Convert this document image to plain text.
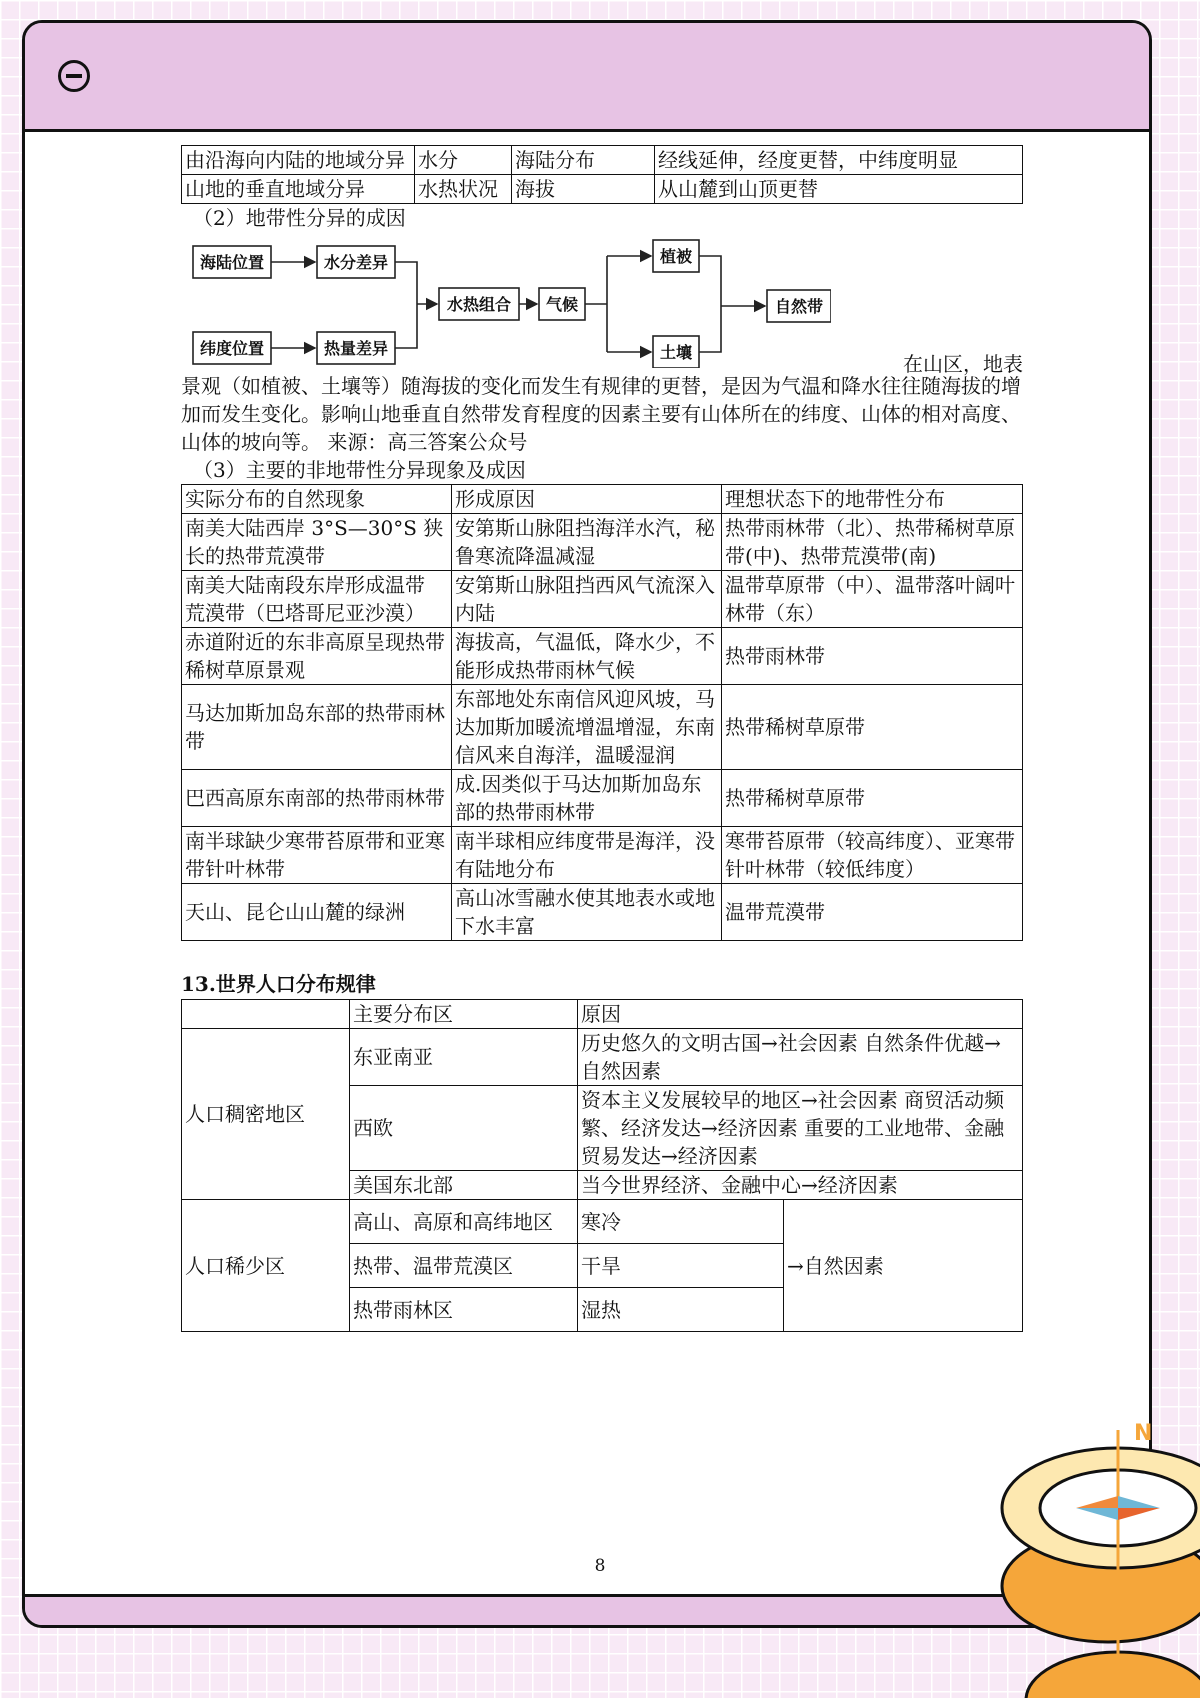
由沿海向内陆的地域分异	水分	海陆分布	经线延伸，经度更替，中纬度明显
山地的垂直地域分异	水热状况	海拔	从山麓到山顶更替

（2）地带性分异的成因

海陆位置	水分差异
纬度位置	热量差异
水热组合 气候
植被
土壤
自然带
在山区，地表

景观（如植被、土壤等）随海拔的变化而发生有规律的更替，是因为气温和降水往往随海拔的增加而发生变化。影响山地垂直自然带发育程度的因素主要有山体所在的纬度、山体的相对高度、山体的坡向等。 来源：高三答案公众号

（3）主要的非地带性分异现象及成因

实际分布的自然现象	形成原因	理想状态下的地带性分布
南美大陆西岸 3°S—30°S 狭长的热带荒漠带	安第斯山脉阻挡海洋水汽，秘鲁寒流降温减湿	热带雨林带（北）、热带稀树草原带(中)、热带荒漠带(南)
南美大陆南段东岸形成温带 荒漠带（巴塔哥尼亚沙漠）	安第斯山脉阻挡西风气流深入内陆	温带草原带（中）、温带落叶阔叶林带（东）
赤道附近的东非高原呈现热带稀树草原景观	海拔高，气温低，降水少，不 能形成热带雨林气候	热带雨林带
马达加斯加岛东部的热带雨林带	东部地处东南信风迎风坡，马达加斯加暖流增温增湿，东南信风来自海洋，温暖湿润	热带稀树草原带
巴西高原东南部的热带雨林带	成.因类似于马达加斯加岛东部的热带雨林带	热带稀树草原带
南半球缺少寒带苔原带和亚寒带针叶林带	南半球相应纬度带是海洋，没有陆地分布	寒带苔原带（较高纬度）、亚寒带针叶林带（较低纬度）
天山、昆仑山山麓的绿洲	高山冰雪融水使其地表水或地下水丰富	温带荒漠带
13.世界人口分布规律
	主要分布区	原因	
人口稠密地区	东亚南亚	历史悠久的文明古国→社会因素 自然条件优越→自然因素	
	西欧	资本主义发展较早的地区→社会因素 商贸活动频繁、经济发达→经济因素 重要的工业地带、金融贸易发达→经济因素	
	美国东北部	当今世界经济、金融中心→经济因素	
人口稀少区	高山、高原和高纬地区	寒冷	→自然因素
	热带、温带荒漠区	干旱	
	热带雨林区	湿热	
8
N
